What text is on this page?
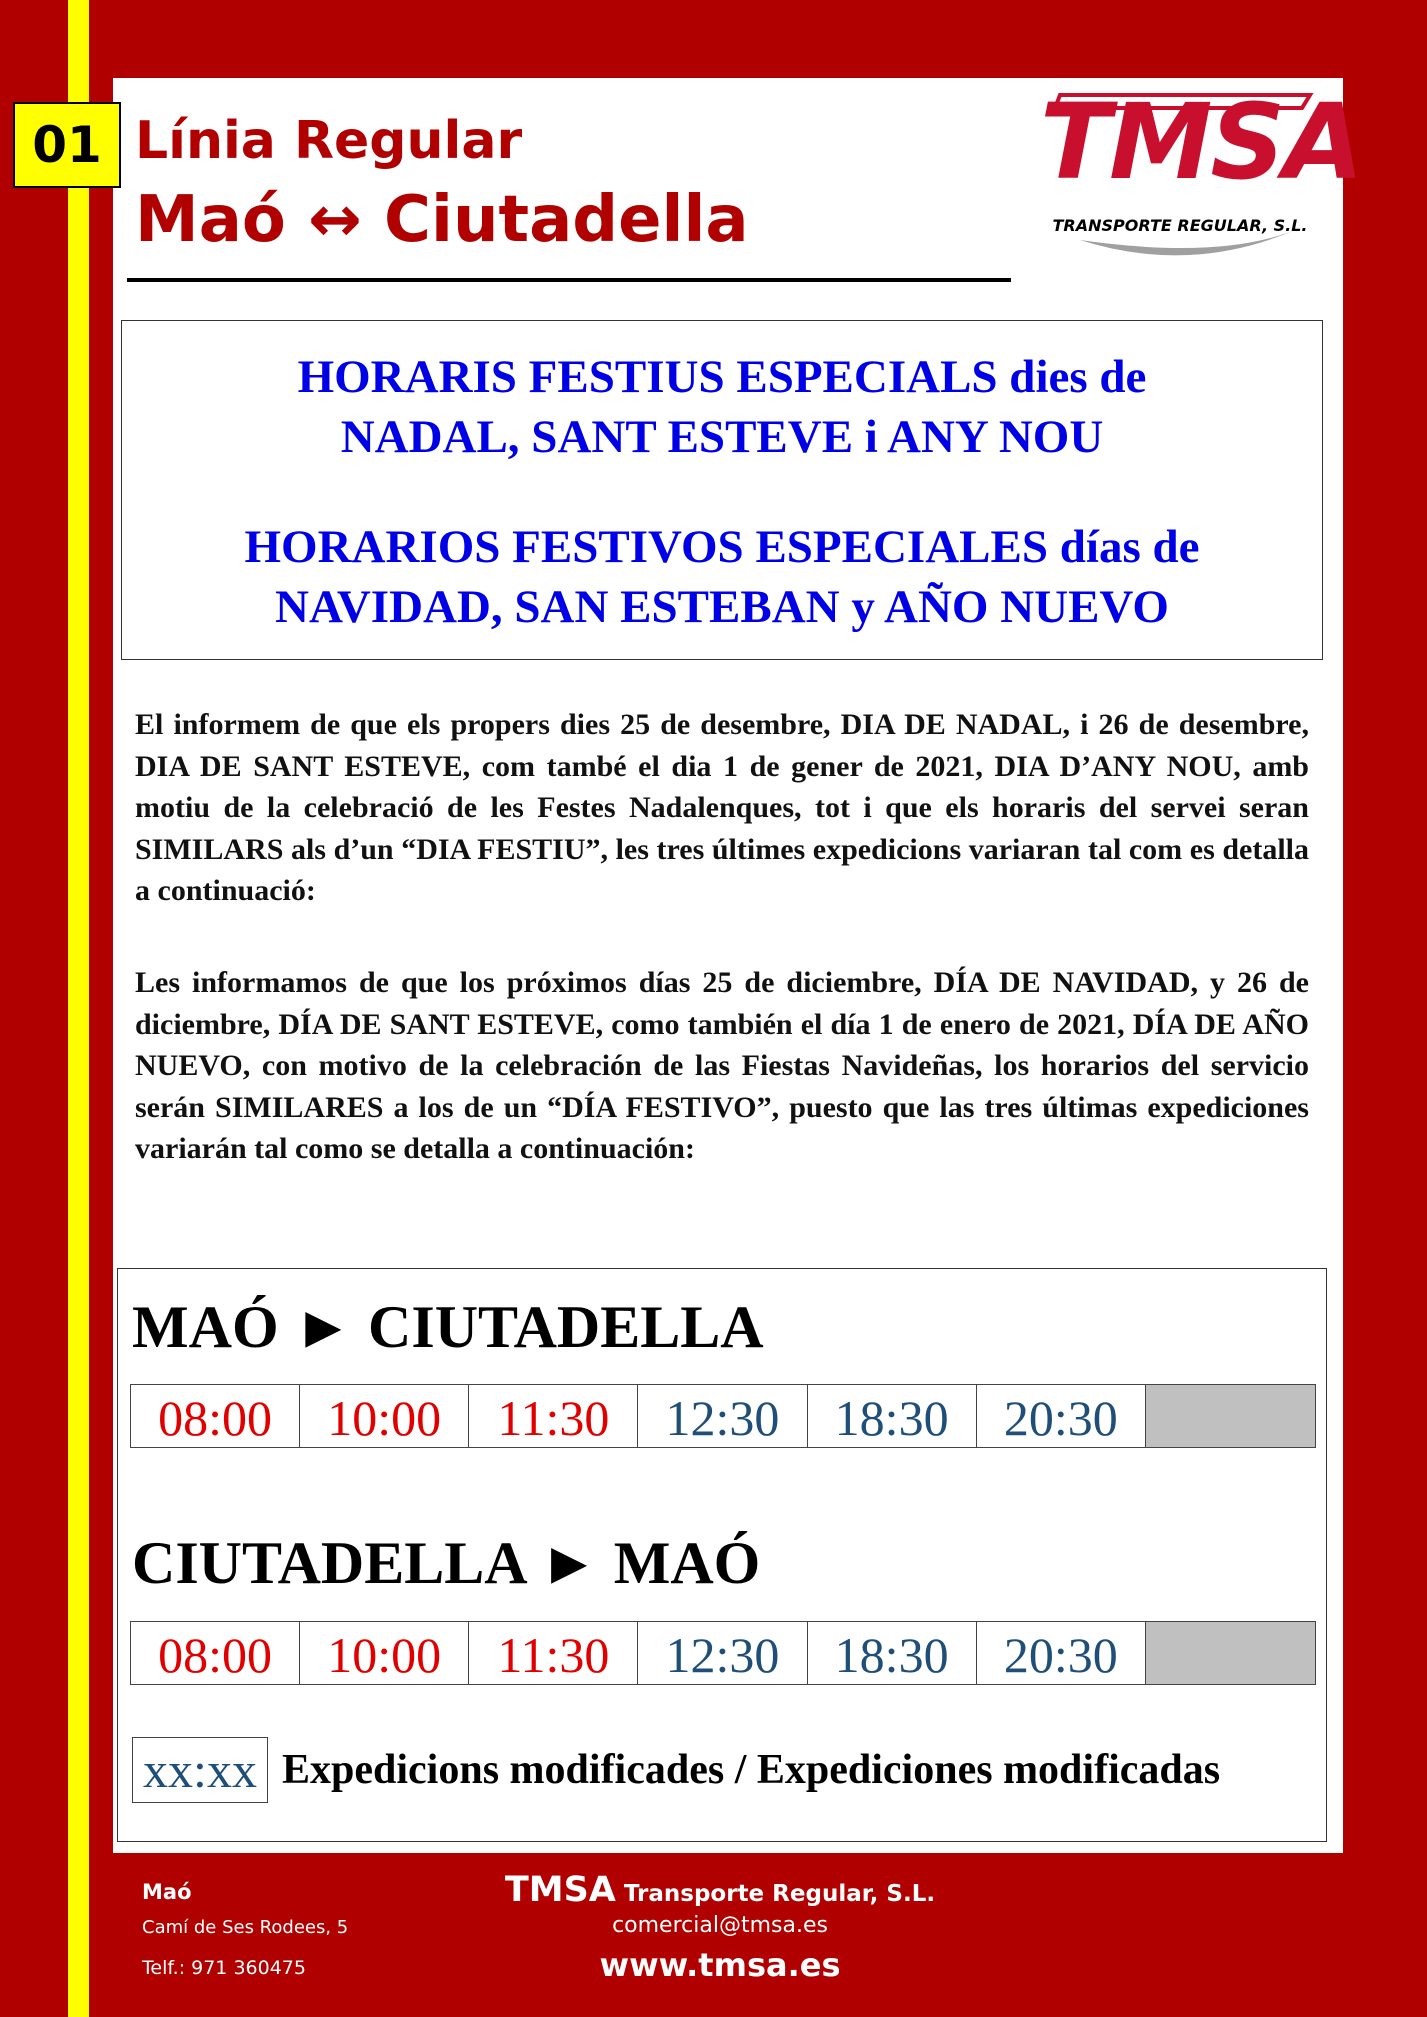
01 Línia Regular
Maó ↔ Ciutadella
TMSA
TRANSPORTE REGULAR, S.L.
HORARIS FESTIUS ESPECIALS dies de
NADAL, SANT ESTEVE i ANY NOU
HORARIOS FESTIVOS ESPECIALES días de
NAVIDAD, SAN ESTEBAN y AÑO NUEVO

El informem de que els propers dies 25 de desembre, DIA DE NADAL, i 26 de desembre, DIA DE SANT ESTEVE, com també el dia 1 de gener de 2021, DIA D’ANY NOU, amb motiu de la celebració de les Festes Nadalenques, tot i que els horaris del servei seran SIMILARS als d’un “DIA FESTIU”, les tres últimes expedicions variaran tal com es detalla a continuació:

Les informamos de que los próximos días 25 de diciembre, DÍA DE NAVIDAD, y 26 de diciembre, DÍA DE SANT ESTEVE, como también el día 1 de enero de 2021, DÍA DE AÑO NUEVO, con motivo de la celebración de las Fiestas Navideñas, los horarios del servicio serán SIMILARES a los de un “DÍA FESTIVO”, puesto que las tres últimas expediciones variarán tal como se detalla a continuación:

MAÓ ► CIUTADELLA
08:00	10:00	11:30	12:30	18:30	20:30
CIUTADELLA ► MAÓ
08:00	10:00	11:30	12:30	18:30	20:30
xx:xx Expedicions modificades / Expediciones modificadas
Maó
Camí de Ses Rodees, 5
Telf.: 971 360475
TMSA Transporte Regular, S.L.
comercial@tmsa.es
www.tmsa.es
